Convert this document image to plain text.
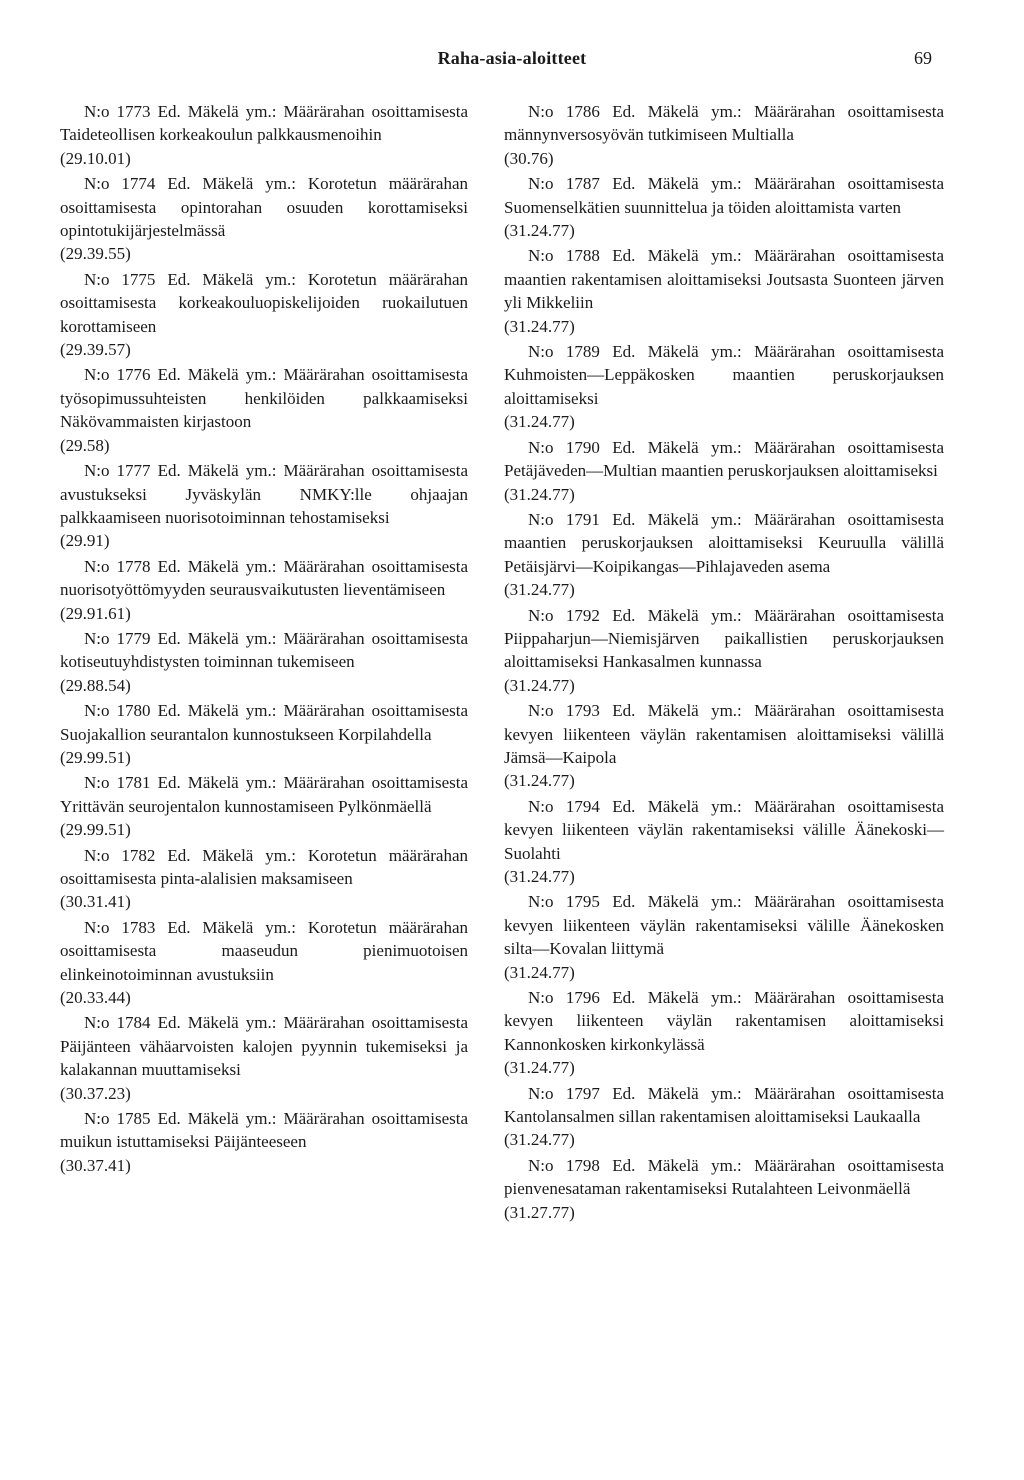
Raha-asia-aloitteet	69

N:o 1773 Ed. Mäkelä ym.: Määrärahan osoittamisesta Taideteollisen korkeakoulun palkkausmenoihin

(29.10.01)

N:o 1774 Ed. Mäkelä ym.: Korotetun määrärahan osoittamisesta opintorahan osuuden korottamiseksi opintotukijärjestelmässä

(29.39.55)

N:o 1775 Ed. Mäkelä ym.: Korotetun määrärahan osoittamisesta korkeakouluopiskelijoiden ruokailutuen korottamiseen

(29.39.57)

N:o 1776 Ed. Mäkelä ym.: Määrärahan osoittamisesta työsopimussuhteisten henkilöiden palkkaamiseksi Näkövammaisten kirjastoon

(29.58)

N:o 1777 Ed. Mäkelä ym.: Määrärahan osoittamisesta avustukseksi Jyväskylän NMKY:lle ohjaajan palkkaamiseen nuorisotoiminnan tehostamiseksi

(29.91)

N:o 1778 Ed. Mäkelä ym.: Määrärahan osoittamisesta nuorisotyöttömyyden seurausvaikutusten lieventämiseen

(29.91.61)

N:o 1779 Ed. Mäkelä ym.: Määrärahan osoittamisesta kotiseutuyhdistysten toiminnan tukemiseen

(29.88.54)

N:o 1780 Ed. Mäkelä ym.: Määrärahan osoittamisesta Suojakallion seurantalon kunnostukseen Korpilahdella

(29.99.51)

N:o 1781 Ed. Mäkelä ym.: Määrärahan osoittamisesta Yrittävän seurojentalon kunnostamiseen Pylkönmäellä

(29.99.51)

N:o 1782 Ed. Mäkelä ym.: Korotetun määrärahan osoittamisesta pinta-alalisien maksamiseen

(30.31.41)

N:o 1783 Ed. Mäkelä ym.: Korotetun määrärahan osoittamisesta maaseudun pienimuotoisen elinkeinotoiminnan avustuksiin

(20.33.44)

N:o 1784 Ed. Mäkelä ym.: Määrärahan osoittamisesta Päijänteen vähäarvoisten kalojen pyynnin tukemiseksi ja kalakannan muuttamiseksi

(30.37.23)

N:o 1785 Ed. Mäkelä ym.: Määrärahan osoittamisesta muikun istuttamiseksi Päijänteeseen

(30.37.41)

N:o 1786 Ed. Mäkelä ym.: Määrärahan osoittamisesta männynversosyövän tutkimiseen Multialla

(30.76)

N:o 1787 Ed. Mäkelä ym.: Määrärahan osoittamisesta Suomenselkätien suunnittelua ja töiden aloittamista varten

(31.24.77)

N:o 1788 Ed. Mäkelä ym.: Määrärahan osoittamisesta maantien rakentamisen aloittamiseksi Joutsasta Suonteen järven yli Mikkeliin

(31.24.77)

N:o 1789 Ed. Mäkelä ym.: Määrärahan osoittamisesta Kuhmoisten—Leppäkosken maantien peruskorjauksen aloittamiseksi

(31.24.77)

N:o 1790 Ed. Mäkelä ym.: Määrärahan osoittamisesta Petäjäveden—Multian maantien peruskorjauksen aloittamiseksi

(31.24.77)

N:o 1791 Ed. Mäkelä ym.: Määrärahan osoittamisesta maantien peruskorjauksen aloittamiseksi Keuruulla välillä Petäisjärvi—Koipikangas—Pihlajaveden asema

(31.24.77)

N:o 1792 Ed. Mäkelä ym.: Määrärahan osoittamisesta Piippaharjun—Niemisjärven paikallistien peruskorjauksen aloittamiseksi Hankasalmen kunnassa

(31.24.77)

N:o 1793 Ed. Mäkelä ym.: Määrärahan osoittamisesta kevyen liikenteen väylän rakentamisen aloittamiseksi välillä Jämsä—Kaipola

(31.24.77)

N:o 1794 Ed. Mäkelä ym.: Määrärahan osoittamisesta kevyen liikenteen väylän rakentamiseksi välille Äänekoski—Suolahti

(31.24.77)

N:o 1795 Ed. Mäkelä ym.: Määrärahan osoittamisesta kevyen liikenteen väylän rakentamiseksi välille Äänekosken silta—Kovalan liittymä

(31.24.77)

N:o 1796 Ed. Mäkelä ym.: Määrärahan osoittamisesta kevyen liikenteen väylän rakentamisen aloittamiseksi Kannonkosken kirkonkylässä

(31.24.77)

N:o 1797 Ed. Mäkelä ym.: Määrärahan osoittamisesta Kantolansalmen sillan rakentamisen aloittamiseksi Laukaalla

(31.24.77)

N:o 1798 Ed. Mäkelä ym.: Määrärahan osoittamisesta pienvenesataman rakentamiseksi Rutalahteen Leivonmäellä

(31.27.77)
